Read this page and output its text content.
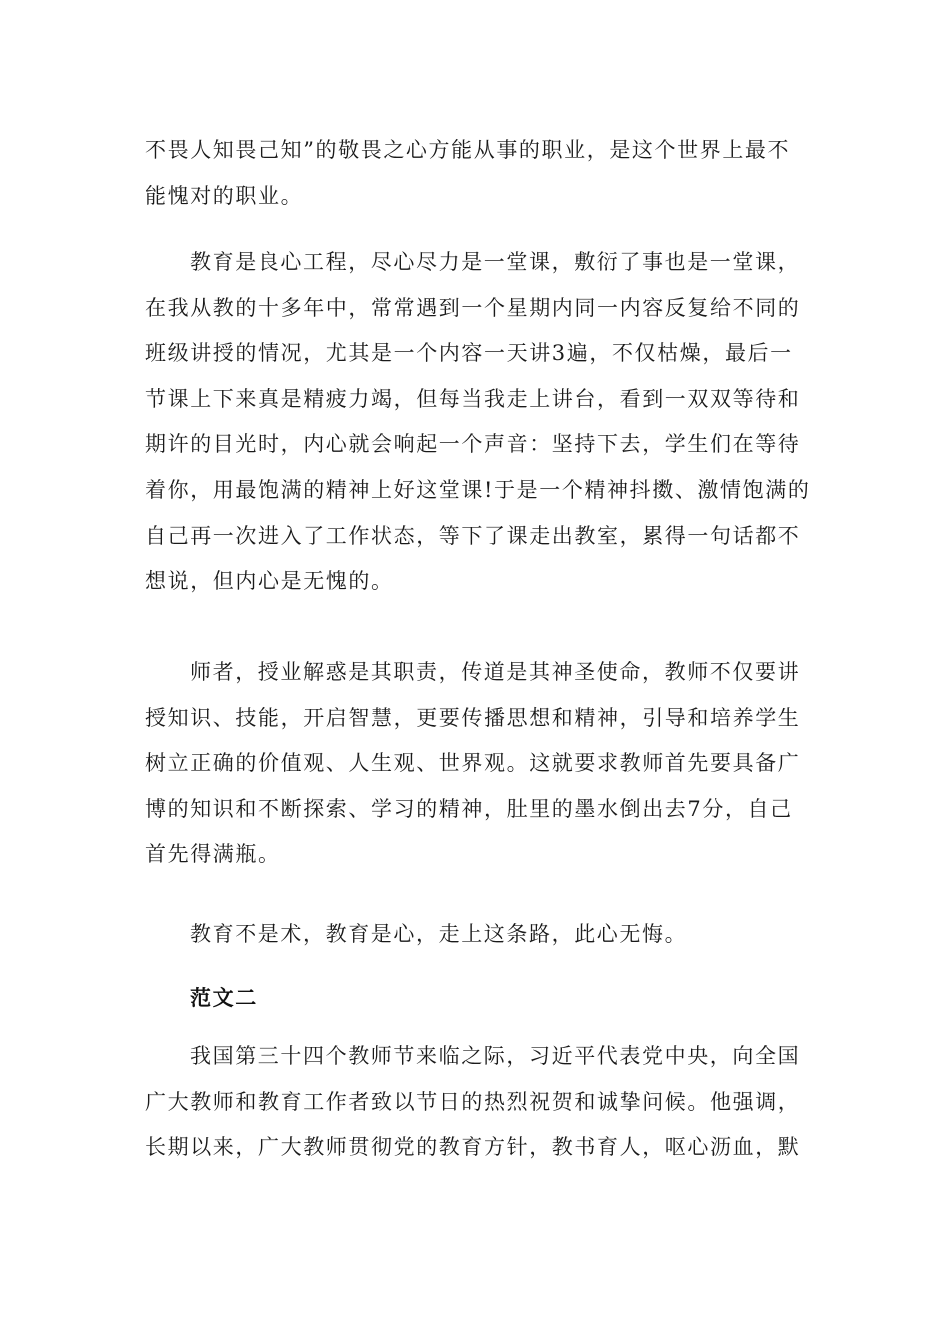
不畏人知畏己知”的敬畏之心方能从事的职业，是这个世界上最不
能愧对的职业。
教育是良心工程，尽心尽力是一堂课，敷衍了事也是一堂课，
在我从教的十多年中，常常遇到一个星期内同一内容反复给不同的
班级讲授的情况，尤其是一个内容一天讲3遍，不仅枯燥，最后一
节课上下来真是精疲力竭，但每当我走上讲台，看到一双双等待和
期许的目光时，内心就会响起一个声音：坚持下去，学生们在等待
着你，用最饱满的精神上好这堂课!于是一个精神抖擞、激情饱满的
自己再一次进入了工作状态，等下了课走出教室，累得一句话都不
想说，但内心是无愧的。
师者，授业解惑是其职责，传道是其神圣使命，教师不仅要讲
授知识、技能，开启智慧，更要传播思想和精神，引导和培养学生
树立正确的价值观、人生观、世界观。这就要求教师首先要具备广
博的知识和不断探索、学习的精神，肚里的墨水倒出去7分，自己
首先得满瓶。
教育不是术，教育是心，走上这条路，此心无悔。
范文二
我国第三十四个教师节来临之际，习近平代表党中央，向全国
广大教师和教育工作者致以节日的热烈祝贺和诚挚问候。他强调，
长期以来，广大教师贯彻党的教育方针，教书育人，呕心沥血，默
